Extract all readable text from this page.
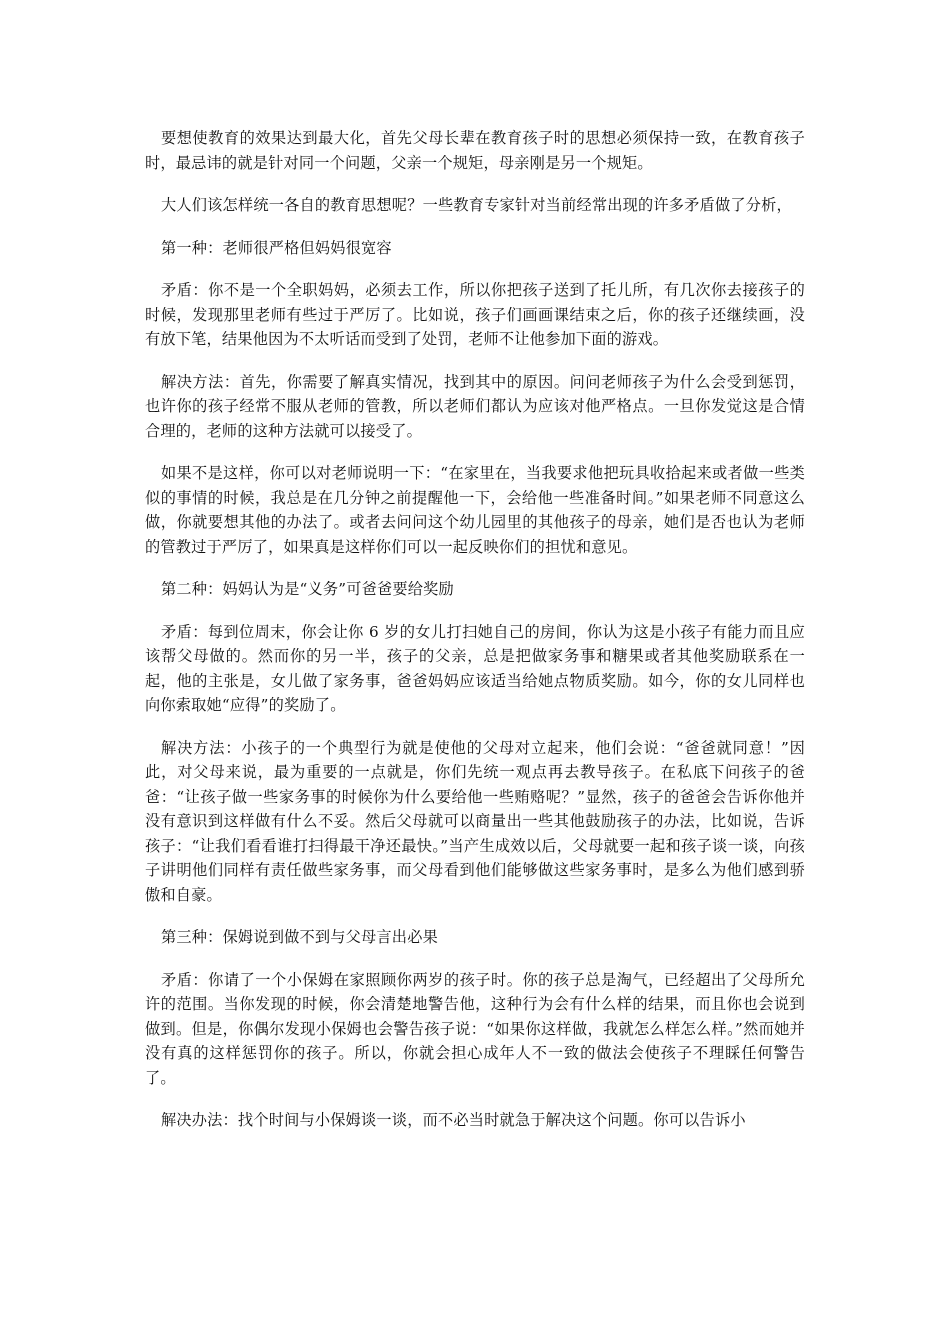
要想使教育的效果达到最大化，首先父母长辈在教育孩子时的思想必须保持一致，在教育孩子时，最忌讳的就是针对同一个问题，父亲一个规矩，母亲刚是另一个规矩。

大人们该怎样统一各自的教育思想呢？一些教育专家针对当前经常出现的许多矛盾做了分析，

第一种：老师很严格但妈妈很宽容

矛盾：你不是一个全职妈妈，必须去工作，所以你把孩子送到了托儿所，有几次你去接孩子的时候，发现那里老师有些过于严厉了。比如说，孩子们画画课结束之后，你的孩子还继续画，没有放下笔，结果他因为不太听话而受到了处罚，老师不让他参加下面的游戏。

解决方法：首先，你需要了解真实情况，找到其中的原因。问问老师孩子为什么会受到惩罚，也许你的孩子经常不服从老师的管教，所以老师们都认为应该对他严格点。一旦你发觉这是合情合理的，老师的这种方法就可以接受了。

如果不是这样，你可以对老师说明一下：“在家里在，当我要求他把玩具收拾起来或者做一些类似的事情的时候，我总是在几分钟之前提醒他一下，会给他一些准备时间。”如果老师不同意这么做，你就要想其他的办法了。或者去问问这个幼儿园里的其他孩子的母亲，她们是否也认为老师的管教过于严厉了，如果真是这样你们可以一起反映你们的担忧和意见。

第二种：妈妈认为是“义务”可爸爸要给奖励

矛盾：每到位周末，你会让你 6 岁的女儿打扫她自己的房间，你认为这是小孩子有能力而且应该帮父母做的。然而你的另一半，孩子的父亲，总是把做家务事和糖果或者其他奖励联系在一起，他的主张是，女儿做了家务事，爸爸妈妈应该适当给她点物质奖励。如今，你的女儿同样也向你索取她“应得”的奖励了。

解决方法：小孩子的一个典型行为就是使他的父母对立起来，他们会说：“爸爸就同意！”因此，对父母来说，最为重要的一点就是，你们先统一观点再去教导孩子。在私底下问孩子的爸爸：“让孩子做一些家务事的时候你为什么要给他一些贿赂呢？”显然，孩子的爸爸会告诉你他并没有意识到这样做有什么不妥。然后父母就可以商量出一些其他鼓励孩子的办法，比如说，告诉孩子：“让我们看看谁打扫得最干净还最快。”当产生成效以后，父母就要一起和孩子谈一谈，向孩子讲明他们同样有责任做些家务事，而父母看到他们能够做这些家务事时，是多么为他们感到骄傲和自豪。

第三种：保姆说到做不到与父母言出必果

矛盾：你请了一个小保姆在家照顾你两岁的孩子时。你的孩子总是淘气，已经超出了父母所允许的范围。当你发现的时候，你会清楚地警告他，这种行为会有什么样的结果，而且你也会说到做到。但是，你偶尔发现小保姆也会警告孩子说：“如果你这样做，我就怎么样怎么样。”然而她并没有真的这样惩罚你的孩子。所以，你就会担心成年人不一致的做法会使孩子不理睬任何警告了。

解决办法：找个时间与小保姆谈一谈，而不必当时就急于解决这个问题。你可以告诉小
